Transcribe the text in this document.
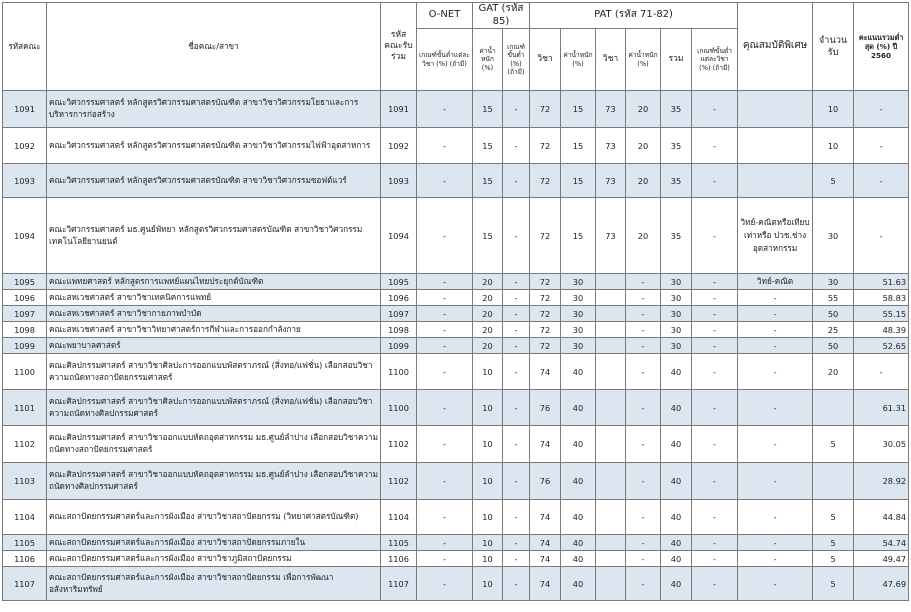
รหัสคณะ	ชื่อคณะ/สาขา	รหัสคณะรับร่วม	O-NET	GAT (รหัส 85)		PAT (รหัส 71-82)						คุณสมบัติพิเศษ	จำนวนรับ	คะแนนรวมต่ำสุด (%) ปี 2560
			เกณฑ์ขั้นต่ำแต่ละวิชา (%) (ถ้ามี)	ค่าน้ำหนัก (%)	เกณฑ์ขั้นต่ำ (%) (ถ้ามี)	วิชา	ค่าน้ำหนัก (%)	วิชา	ค่าน้ำหนัก (%)	รวม	เกณฑ์ขั้นต่ำแต่ละวิชา (%) (ถ้ามี)			
1091	คณะวิศวกรรมศาสตร์ หลักสูตรวิศวกรรมศาสตรบัณฑิต สาขาวิชาวิศวกรรมโยธาและการบริหารการก่อสร้าง	1091	-	15	-	72	15	73	20	35	-		10	-
1092	คณะวิศวกรรมศาสตร์ หลักสูตรวิศวกรรมศาสตรบัณฑิต สาขาวิชาวิศวกรรมไฟฟ้าอุตสาหการ	1092	-	15	-	72	15	73	20	35	-		10	-
1093	คณะวิศวกรรมศาสตร์ หลักสูตรวิศวกรรมศาสตรบัณฑิต สาขาวิชาวิศวกรรมซอฟต์แวร์	1093	-	15	-	72	15	73	20	35	-		5	-
1094	คณะวิศวกรรมศาสตร์ มธ.ศูนย์พัทยา หลักสูตรวิศวกรรมศาสตรบัณฑิต สาขาวิชาวิศวกรรมเทคโนโลยียานยนต์	1094	-	15	-	72	15	73	20	35	-	วิทย์-คณิตหรือเทียบเท่าหรือ ปวช.ช่างอุตสาหกรรม	30	-
1095	คณะแพทยศาสตร์ หลักสูตรการแพทย์แผนไทยประยุกต์บัณฑิต	1095	-	20	-	72	30		-	30	-	วิทย์-คณิต	30	51.63
1096	คณะสหเวชศาสตร์ สาขาวิชาเทคนิคการแพทย์	1096	-	20	-	72	30		-	30	-	-	55	58.83
1097	คณะสหเวชศาสตร์ สาขาวิชากายภาพบำบัด	1097	-	20	-	72	30		-	30	-	-	50	55.15
1098	คณะสหเวชศาสตร์ สาขาวิชาวิทยาศาสตร์การกีฬาและการออกกำลังกาย	1098	-	20	-	72	30		-	30	-	-	25	48.39
1099	คณะพยาบาลศาสตร์	1099	-	20	-	72	30		-	30	-	-	50	52.65
1100	คณะศิลปกรรมศาสตร์ สาขาวิชาศิลปะการออกแบบพัสตราภรณ์ (สิ่งทอ/แฟชั่น) เลือกสอบวิชาความถนัดทางสถาปัตยกรรมศาสตร์	1100	-	10	-	74	40		-	40	-	-	20	-
1101	คณะศิลปกรรมศาสตร์ สาขาวิชาศิลปะการออกแบบพัสตราภรณ์ (สิ่งทอ/แฟชั่น) เลือกสอบวิชาความถนัดทางศิลปกรรมศาสตร์	1100	-	10	-	76	40		-	40	-	-		61.31
1102	คณะศิลปกรรมศาสตร์ สาขาวิชาออกแบบหัตถอุตสาหกรรม มธ.ศูนย์ลำปาง เลือกสอบวิชาความถนัดทางสถาปัตยกรรมศาสตร์	1102	-	10	-	74	40		-	40	-	-	5	30.05
1103	คณะศิลปกรรมศาสตร์ สาขาวิชาออกแบบหัตถอุตสาหกรรม มธ.ศูนย์ลำปาง เลือกสอบวิชาความถนัดทางศิลปกรรมศาสตร์	1102	-	10	-	76	40		-	40	-	-		28.92
1104	คณะสถาปัตยกรรมศาสตร์และการผังเมือง สาขาวิชาสถาปัตยกรรม (วิทยาศาสตรบัณฑิต)	1104	-	10	-	74	40		-	40	-	-	5	44.84
1105	คณะสถาปัตยกรรมศาสตร์และการผังเมือง สาขาวิชาสถาปัตยกรรมภายใน	1105	-	10	-	74	40		-	40	-	-	5	54.74
1106	คณะสถาปัตยกรรมศาสตร์และการผังเมือง สาขาวิชาภูมิสถาปัตยกรรม	1106	-	10	-	74	40		-	40	-	-	5	49.47
1107	คณะสถาปัตยกรรมศาสตร์และการผังเมือง สาขาวิชาสถาปัตยกรรม เพื่อการพัฒนาอสังหาริมทรัพย์	1107	-	10	-	74	40		-	40	-	-	5	47.69
